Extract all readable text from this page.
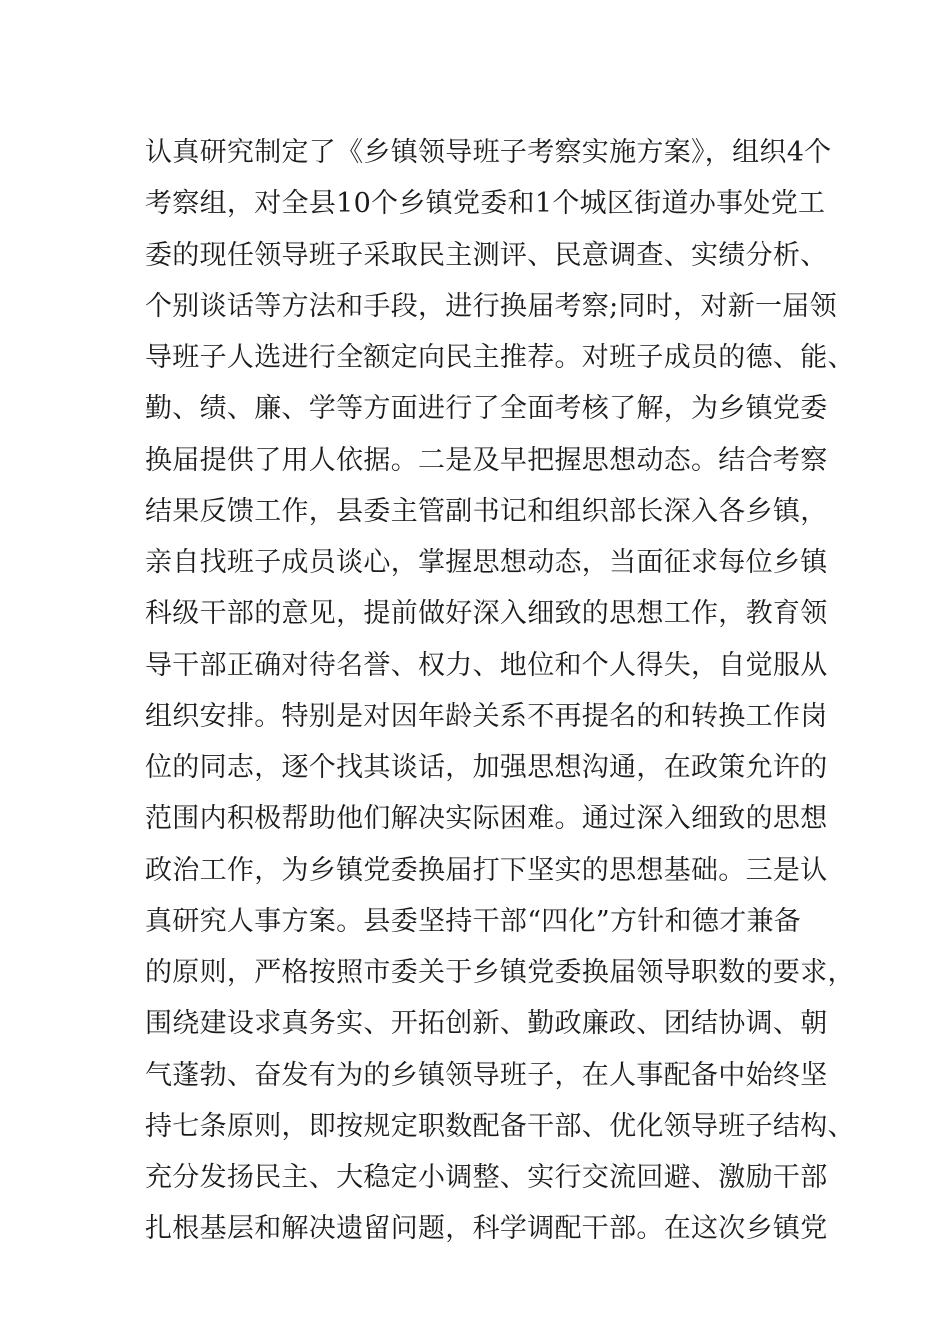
认真研究制定了《乡镇领导班子考察实施方案》，组织4个
考察组，对全县10个乡镇党委和1个城区街道办事处党工
委的现任领导班子采取民主测评、民意调查、实绩分析、
个别谈话等方法和手段，进行换届考察;同时，对新一届领
导班子人选进行全额定向民主推荐。对班子成员的德、能、
勤、绩、廉、学等方面进行了全面考核了解，为乡镇党委
换届提供了用人依据。二是及早把握思想动态。结合考察
结果反馈工作，县委主管副书记和组织部长深入各乡镇，
亲自找班子成员谈心，掌握思想动态，当面征求每位乡镇
科级干部的意见，提前做好深入细致的思想工作，教育领
导干部正确对待名誉、权力、地位和个人得失，自觉服从
组织安排。特别是对因年龄关系不再提名的和转换工作岗
位的同志，逐个找其谈话，加强思想沟通，在政策允许的
范围内积极帮助他们解决实际困难。通过深入细致的思想
政治工作，为乡镇党委换届打下坚实的思想基础。三是认
真研究人事方案。县委坚持干部“四化”方针和德才兼备
的原则，严格按照市委关于乡镇党委换届领导职数的要求，
围绕建设求真务实、开拓创新、勤政廉政、团结协调、朝
气蓬勃、奋发有为的乡镇领导班子，在人事配备中始终坚
持七条原则，即按规定职数配备干部、优化领导班子结构、
充分发扬民主、大稳定小调整、实行交流回避、激励干部
扎根基层和解决遗留问题，科学调配干部。在这次乡镇党
